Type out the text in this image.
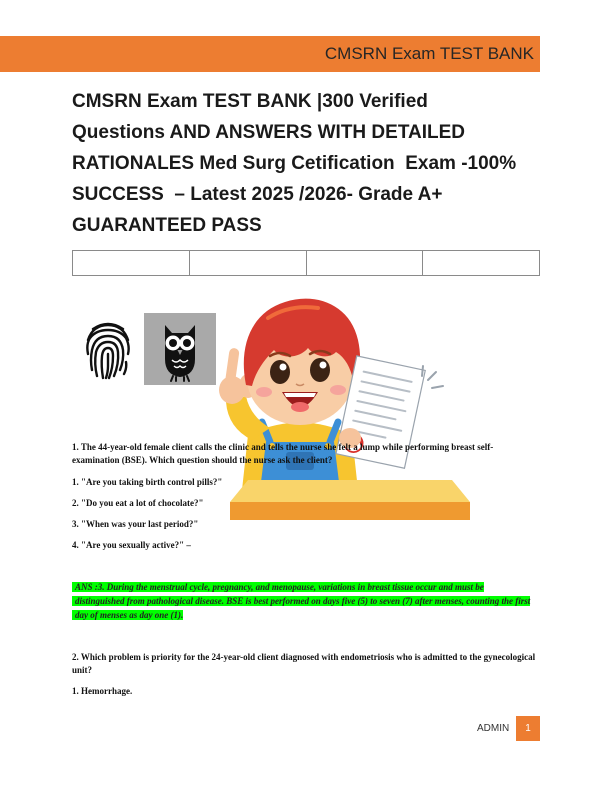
CMSRN Exam TEST BANK
CMSRN Exam TEST BANK |300 Verified
Questions AND ANSWERS WITH DETAILED
RATIONALES Med Surg Cetification  Exam -100%
SUCCESS  – Latest 2025 /2026- Grade A+
GUARANTEED PASS

1. The 44-year-old female client calls the clinic and tells the nurse she felt a lump while performing breast self-examination (BSE). Which question should the nurse ask the client?
1. "Are you taking birth control pills?"
2. "Do you eat a lot of chocolate?"
3. "When was your last period?"
4. "Are you sexually active?" –
ANS :3. During the menstrual cycle, pregnancy, and menopause, variations in breast tissue occur and must be distinguished from pathological disease. BSE is best performed on days five (5) to seven (7) after menses, counting the first day of menses as day one (1).
2. Which problem is priority for the 24-year-old client diagnosed with endometriosis who is admitted to the gynecological unit?
1. Hemorrhage.
ADMIN	1
